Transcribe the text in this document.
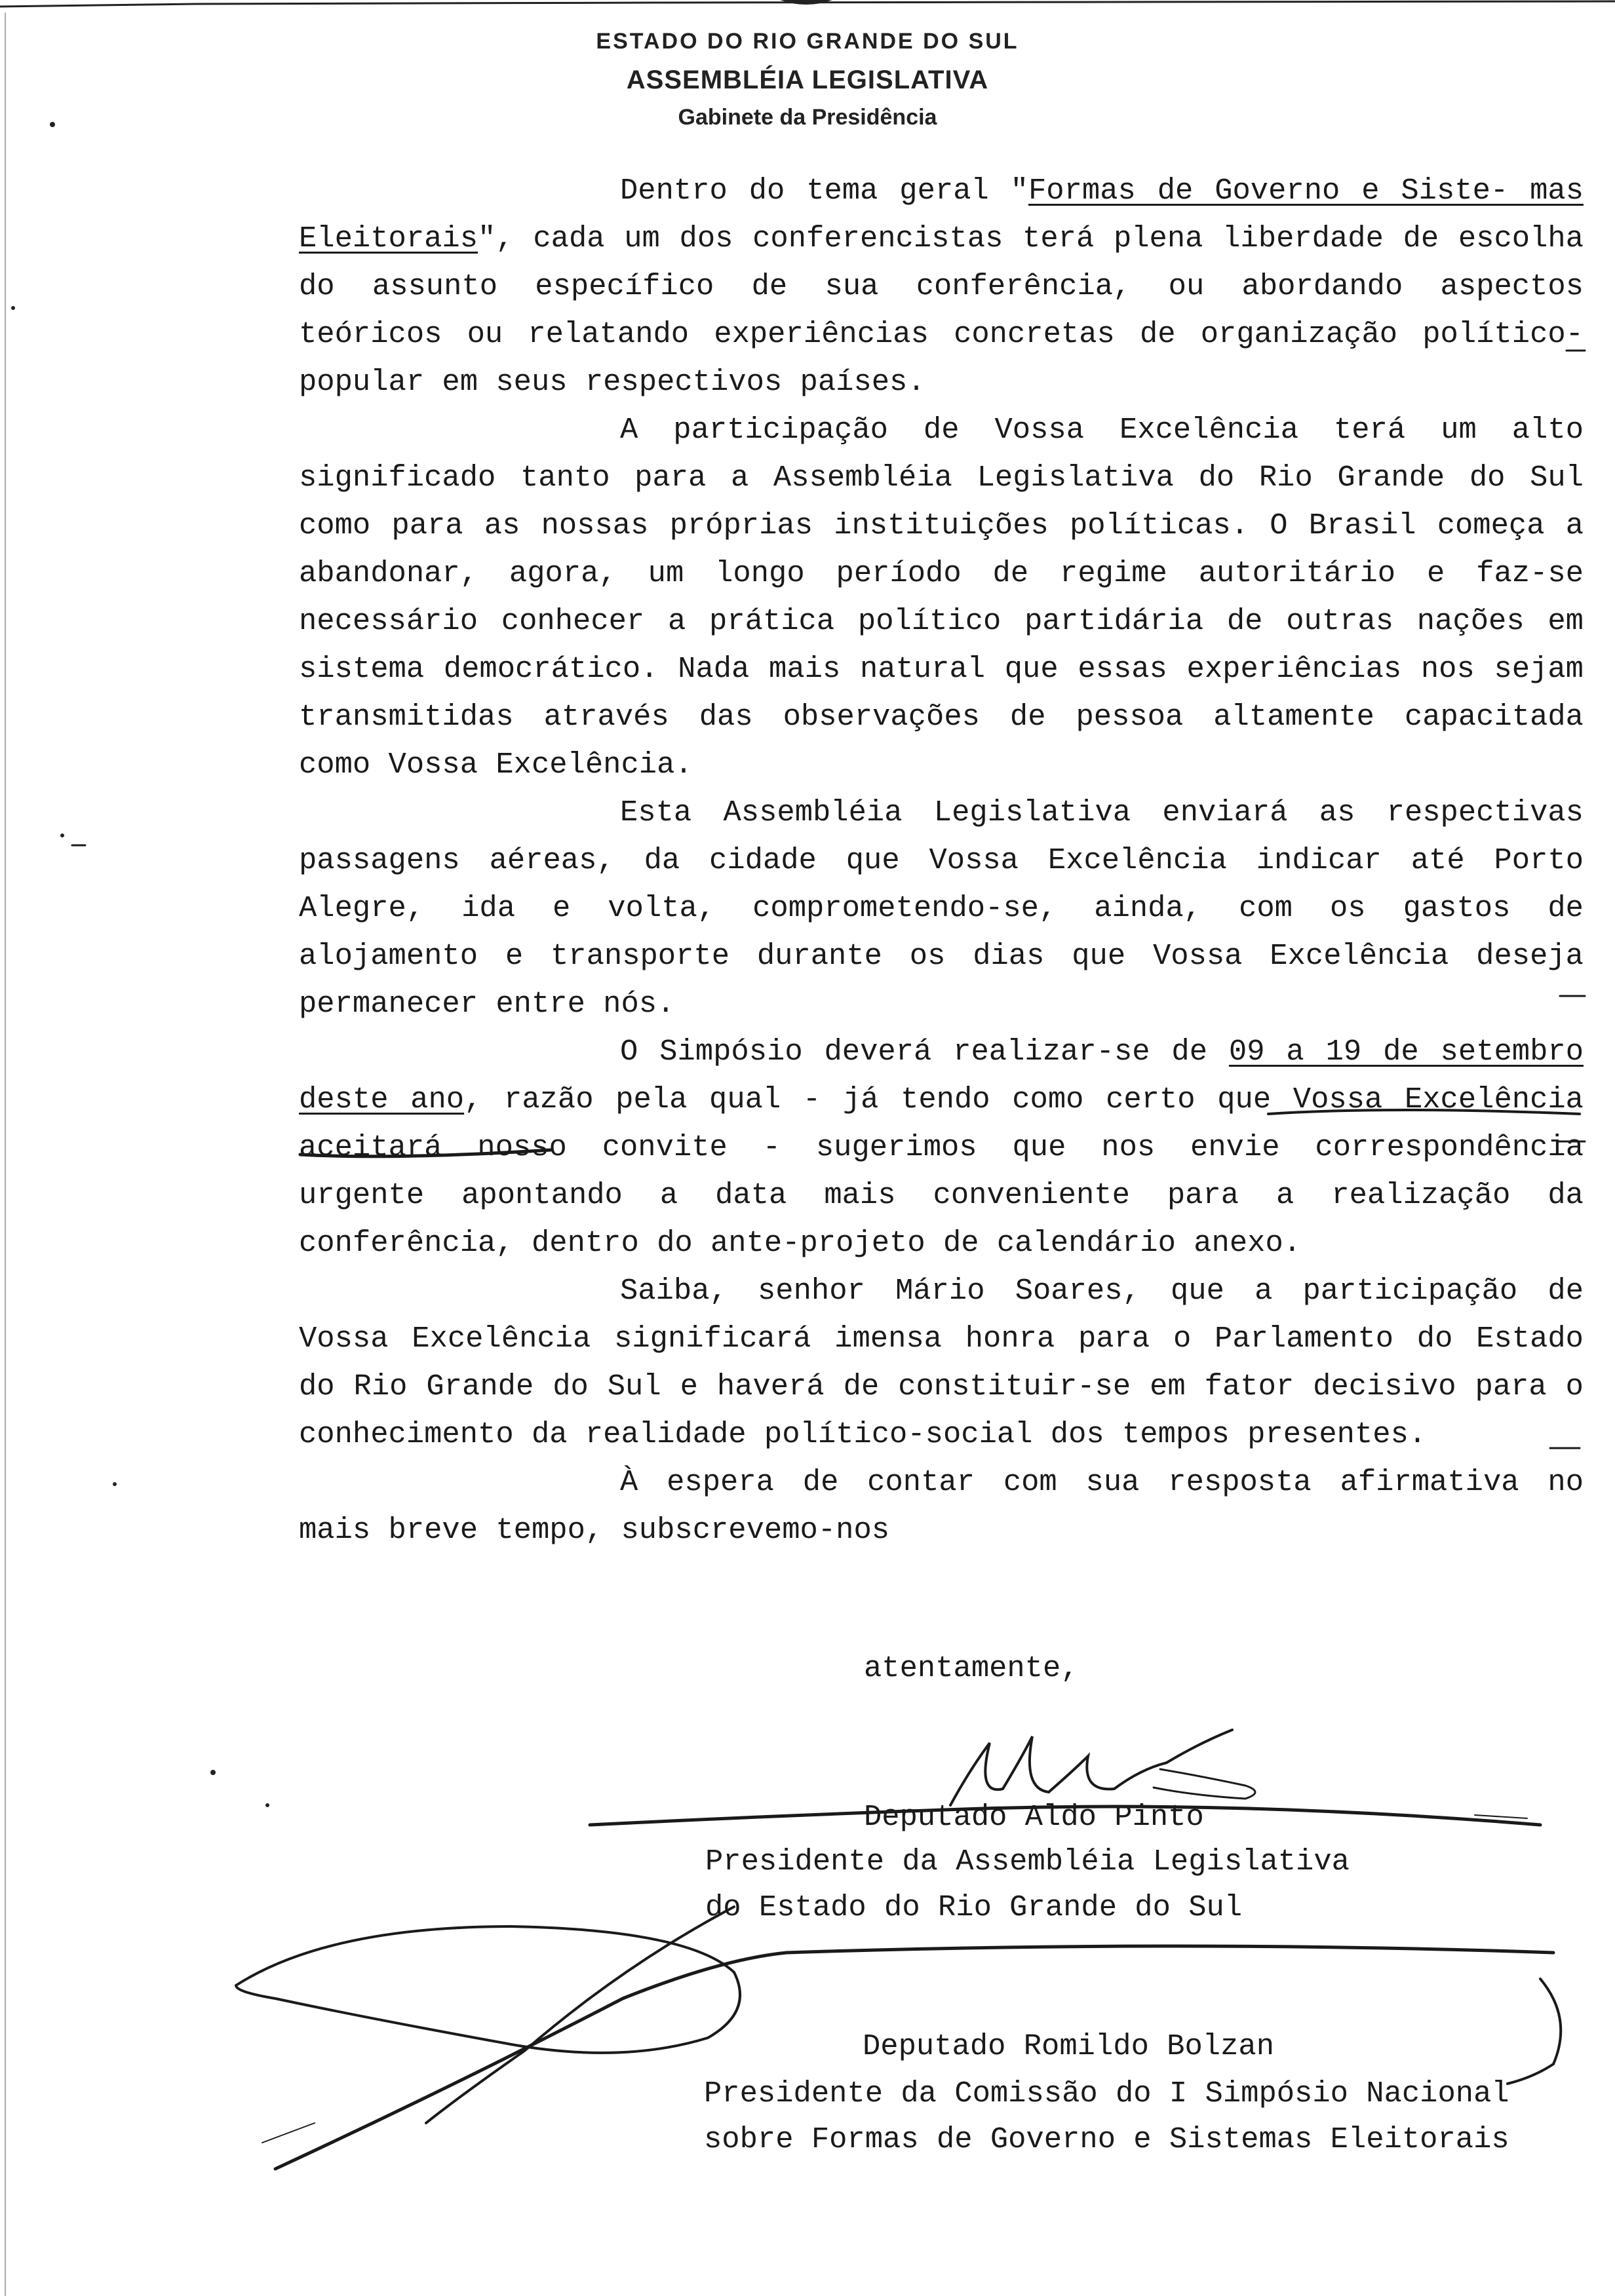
ESTADO DO RIO GRANDE DO SUL
ASSEMBLÉIA LEGISLATIVA
Gabinete da Presidência

Dentro do tema geral "Formas de Governo e Siste- mas Eleitorais", cada um dos conferencistas terá plena liberdade de escolha do assunto específico de sua conferência, ou abordando aspectos teóricos ou relatando experiências concretas de organização político-popular em seus respectivos países.

A participação de Vossa Excelência terá um alto significado tanto para a Assembléia Legislativa do Rio Grande do Sul como para as nossas próprias instituições políticas. O Brasil começa a abandonar, agora, um longo período de regime autoritário e faz-se necessário conhecer a prática político partidária de outras nações em sistema democrático. Nada mais natural que essas experiências nos sejam transmitidas através das observações de pessoa altamente capacitada como Vossa Excelência.

Esta Assembléia Legislativa enviará as respectivas passagens aéreas, da cidade que Vossa Excelência indicar até Porto Alegre, ida e volta, comprometendo-se, ainda, com os gastos de alojamento e transporte durante os dias que Vossa Excelência deseja permanecer entre nós.

O Simpósio deverá realizar-se de 09 a 19 de setembro deste ano, razão pela qual - já tendo como certo que Vossa Excelência aceitará nosso convite - sugerimos que nos envie correspondência urgente apontando a data mais conveniente para a realização da conferência, dentro do ante-projeto de calendário anexo.

Saiba, senhor Mário Soares, que a participação de Vossa Excelência significará imensa honra para o Parlamento do Estado do Rio Grande do Sul e haverá de constituir-se em fator decisivo para o conhecimento da realidade político-social dos tempos presentes.

À espera de contar com sua resposta afirmativa no mais breve tempo, subscrevemo-nos

atentamente,
Deputado Aldo Pinto
Presidente da Assembléia Legislativa
do Estado do Rio Grande do Sul
Deputado Romildo Bolzan
Presidente da Comissão do I Simpósio Nacional
sobre Formas de Governo e Sistemas Eleitorais
